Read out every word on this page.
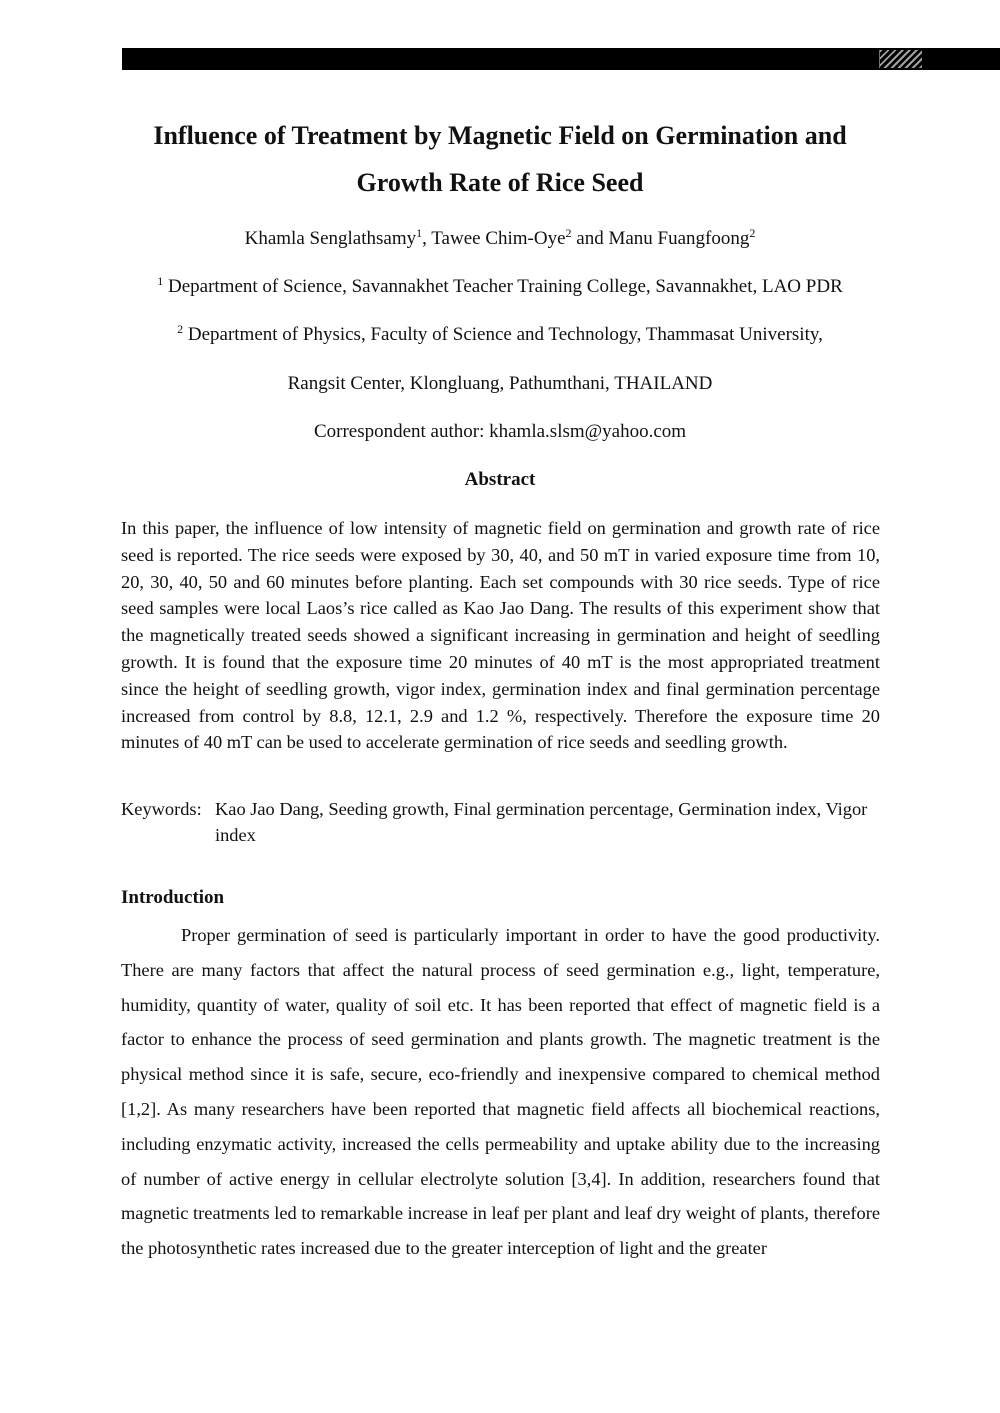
Influence of Treatment by Magnetic Field on Germination and Growth Rate of Rice Seed
Khamla Senglathsamy$^1$, Tawee Chim-Oye$^2$ and Manu Fuangfoong$^2$
$^1$ Department of Science, Savannakhet Teacher Training College, Savannakhet, LAO PDR
$^2$ Department of Physics, Faculty of Science and Technology, Thammasat University,
Rangsit Center, Klongluang, Pathumthani, THAILAND
Correspondent author: khamla.slsm@yahoo.com
Abstract

In this paper, the influence of low intensity of magnetic field on germination and growth rate of rice seed is reported. The rice seeds were exposed by 30, 40, and 50 mT in varied exposure time from 10, 20, 30, 40, 50 and 60 minutes before planting. Each set compounds with 30 rice seeds. Type of rice seed samples were local Laos’s rice called as Kao Jao Dang. The results of this experiment show that the magnetically treated seeds showed a significant increasing in germination and height of seedling growth. It is found that the exposure time 20 minutes of 40 mT is the most appropriated treatment since the height of seedling growth, vigor index, germination index and final germination percentage increased from control by 8.8, 12.1, 2.9 and 1.2 %, respectively. Therefore the exposure time 20 minutes of 40 mT can be used to accelerate germination of rice seeds and seedling growth.

Keywords: Kao Jao Dang, Seeding growth, Final germination percentage, Germination index, Vigor index
Introduction

Proper germination of seed is particularly important in order to have the good productivity. There are many factors that affect the natural process of seed germination e.g., light, temperature, humidity, quantity of water, quality of soil etc. It has been reported that effect of magnetic field is a factor to enhance the process of seed germination and plants growth. The magnetic treatment is the physical method since it is safe, secure, eco-friendly and inexpensive compared to chemical method [1,2]. As many researchers have been reported that magnetic field affects all biochemical reactions, including enzymatic activity, increased the cells permeability and uptake ability due to the increasing of number of active energy in cellular electrolyte solution [3,4]. In addition, researchers found that magnetic treatments led to remarkable increase in leaf per plant and leaf dry weight of plants, therefore the photosynthetic rates increased due to the greater interception of light and the greater
